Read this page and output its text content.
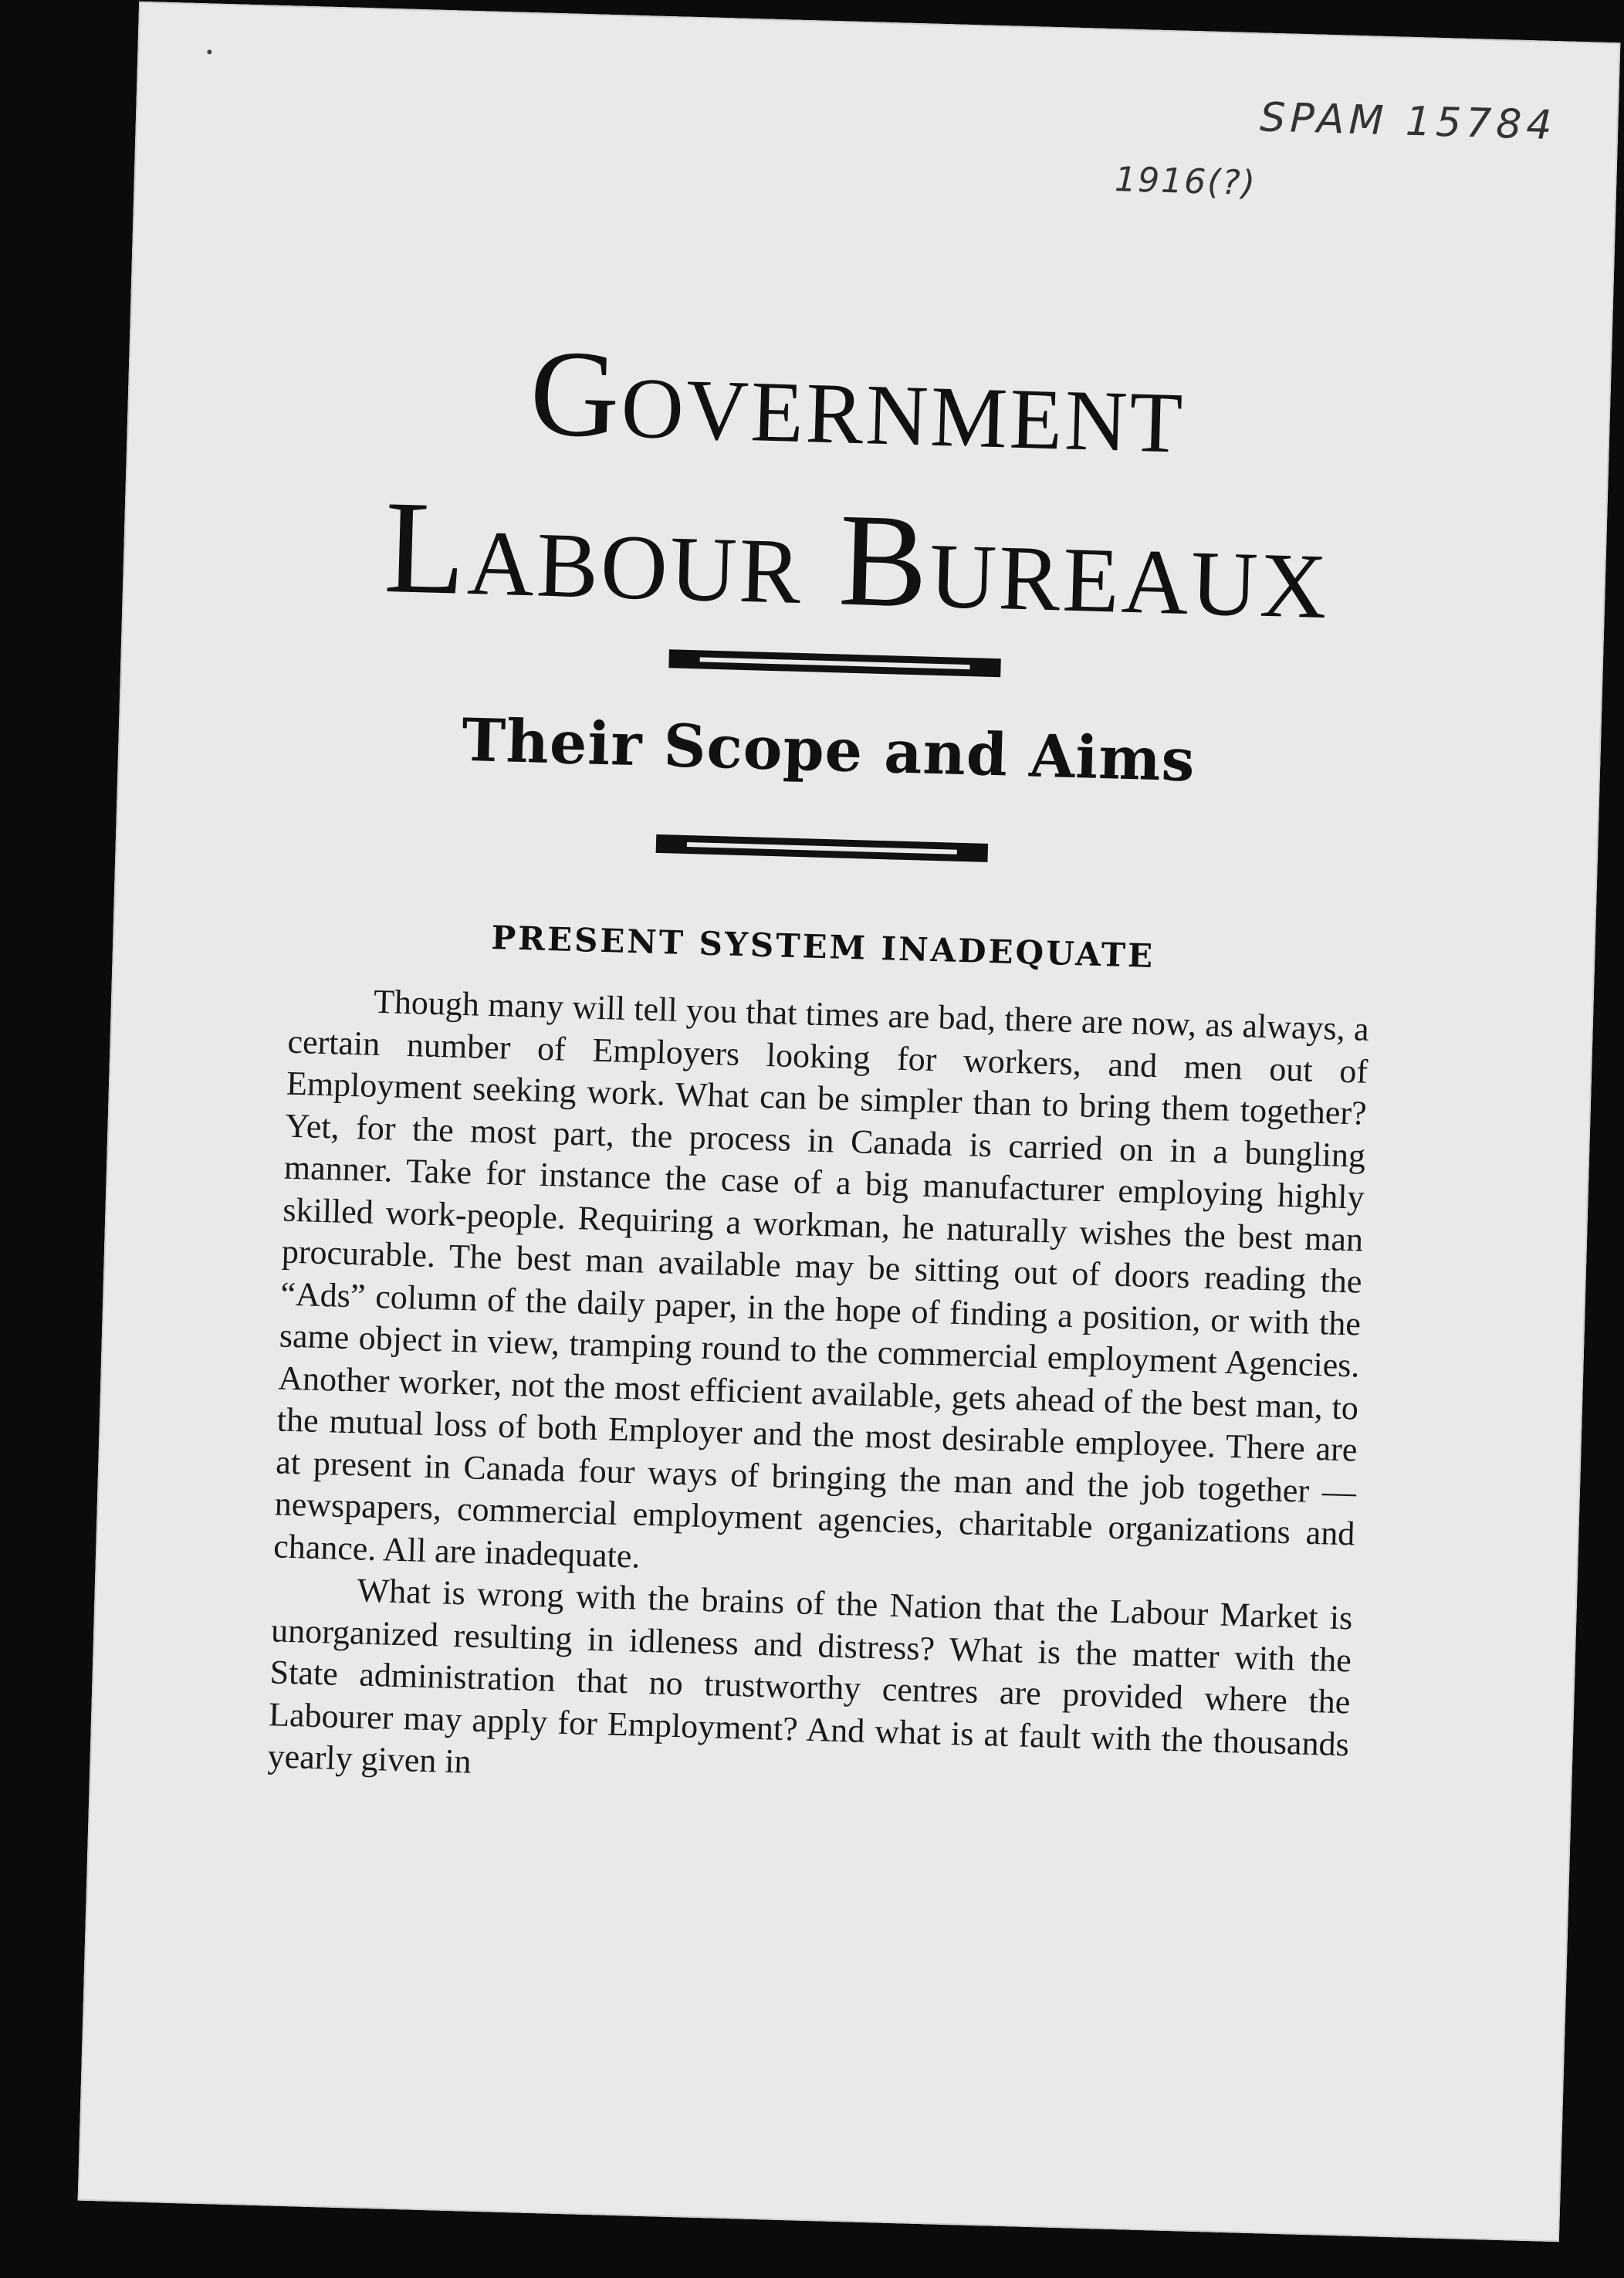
SPAM 15784
1916(?)
Government
Labour Bureaux
Their Scope and Aims
PRESENT SYSTEM INADEQUATE

Though many will tell you that times are bad, there are now, as always, a certain number of Employers looking for workers, and men out of Employment seeking work. What can be simpler than to bring them together? Yet, for the most part, the process in Canada is carried on in a bungling manner. Take for instance the case of a big manufacturer employing highly skilled work-people. Requiring a workman, he naturally wishes the best man procurable. The best man available may be sitting out of doors reading the “Ads” column of the daily paper, in the hope of finding a position, or with the same object in view, tramping round to the commercial employment Agencies. Another worker, not the most efficient available, gets ahead of the best man, to the mutual loss of both Employer and the most desirable employee. There are at present in Canada four ways of bringing the man and the job together — newspapers, commercial employment agencies, charitable organizations and chance. All are inadequate.

What is wrong with the brains of the Nation that the Labour Market is unorganized resulting in idleness and distress? What is the matter with the State administration that no trustworthy centres are provided where the Labourer may apply for Employment? And what is at fault with the thousands yearly given in
